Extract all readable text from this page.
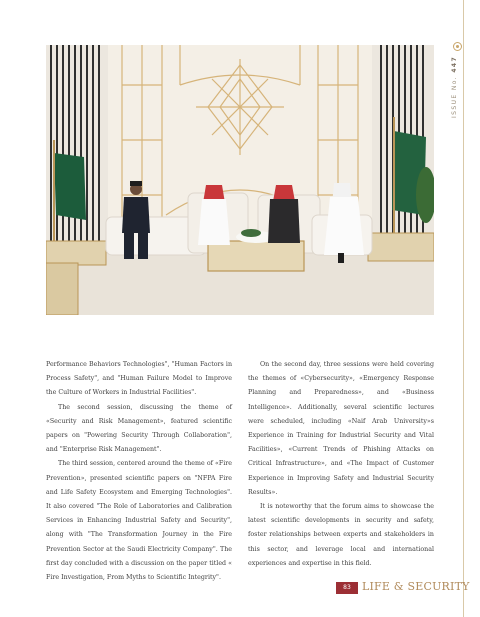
ISSUE No. 447

Performance Behaviors Technologies", "Human Factors in Process Safety", and "Human Failure Model to Improve the Culture of Workers in Industrial Facilities".

The second session, discussing the theme of «Security and Risk Management», featured scientific papers on "Powering Security Through Collaboration", and "Enterprise Risk Management".

The third session, centered around the theme of «Fire Prevention», presented scientific papers on "NFPA Fire and Life Safety Ecosystem and Emerging Technologies". It also covered "The Role of Laboratories and Calibration Services in Enhancing Industrial Safety and Security", along with "The Transformation Journey in the Fire Prevention Sector at the Saudi Electricity Company". The first day concluded with a discussion on the paper titled « Fire Investigation, From Myths to Scientific Integrity".

On the second day, three sessions were held covering the themes of «Cybersecurity», «Emergency Response Planning and Preparedness», and «Business Intelligence». Additionally, several scientific lectures were scheduled, including «Naif Arab University»s Experience in Training for Industrial Security and Vital Facilities», «Current Trends of Phishing Attacks on Critical Infrastructure», and «The Impact of Customer Experience in Improving Safety and Industrial Security Results».

It is noteworthy that the forum aims to showcase the latest scientific developments in security and safety, foster relationships between experts and stakeholders in this sector, and leverage local and international experiences and expertise in this field.

83	LIFE & SECURITY
